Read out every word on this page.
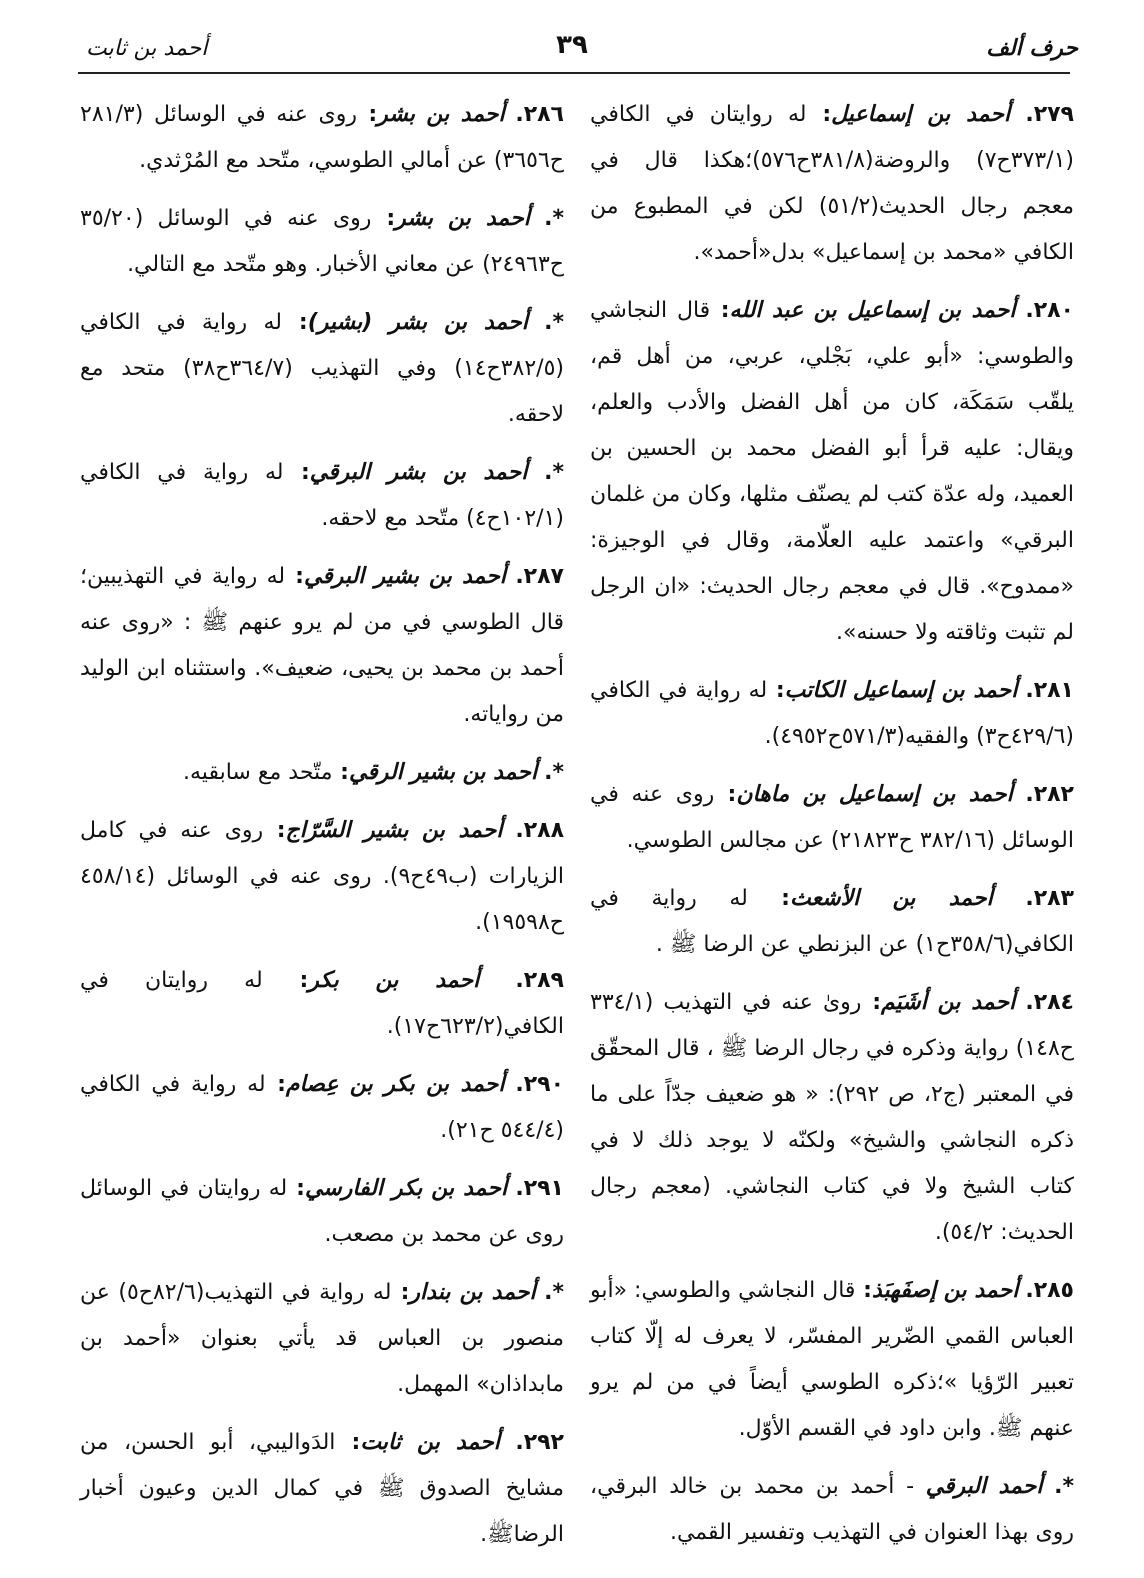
حرف ألف
٣٩
أحمد بن ثابت
٢٧٩. أحمد بن إسماعيل: له روايتان في الكافي (٣٧٣/١ح٧) والروضة(٣٨١/٨ح٥٧٦)؛هكذا قال في معجم رجال الحديث(٥١/٢) لكن في المطبوع من الكافي «محمد بن إسماعيل» بدل«أحمد».
٢٨٠. أحمد بن إسماعيل بن عبد الله: قال النجاشي والطوسي: «أبو علي، بَجْلي، عربي، من أهل قم، يلقّب سَمَكَة، كان من أهل الفضل والأدب والعلم، ويقال: عليه قرأ أبو الفضل محمد بن الحسين بن العميد، وله عدّة كتب لم يصنّف مثلها، وكان من غلمان البرقي» واعتمد عليه العلّامة، وقال في الوجيزة: «ممدوح». قال في معجم رجال الحديث: «ان الرجل لم تثبت وثاقته ولا حسنه».
٢٨١. أحمد بن إسماعيل الكاتب: له رواية في الكافي (٤٢٩/٦ح٣) والفقيه(٥٧١/٣ح٤٩٥٢).
٢٨٢. أحمد بن إسماعيل بن ماهان: روى عنه في الوسائل (٣٨٢/١٦ ح٢١٨٢٣) عن مجالس الطوسي.
٢٨٣. أحمد بن الأشعث: له رواية في الكافي(٣٥٨/٦ح١) عن البزنطي عن الرضا ﷺ .
٢٨٤. أحمد بن أشَيَم: روىٰ عنه في التهذيب (٣٣٤/١ ح١٤٨) رواية وذكره في رجال الرضا ﷺ ، قال المحقّق في المعتبر (ج٢، ص ٢٩٢): « هو ضعيف جدّاً على ما ذكره النجاشي والشيخ» ولكنّه لا يوجد ذلك لا في كتاب الشيخ ولا في كتاب النجاشي. (معجم رجال الحديث: ٥٤/٢).
٢٨٥. أحمد بن إصفَهبَذ: قال النجاشي والطوسي: «أبو العباس القمي الضّرير المفسّر، لا يعرف له إلّا كتاب تعبير الرّؤيا »؛ذكره الطوسي أيضاً في من لم يرو عنهم ﷺ. وابن داود في القسم الأوّل.
*. أحمد البرقي - أحمد بن محمد بن خالد البرقي، روى بهذا العنوان في التهذيب وتفسير القمي.
٢٨٦. أحمد بن بشر: روى عنه في الوسائل (٢٨١/٣ ح٣٦٥٦) عن أمالي الطوسي، متّحد مع المُرْثدي.
*. أحمد بن بشر: روى عنه في الوسائل (٣٥/٢٠ ح٢٤٩٦٣) عن معاني الأخبار. وهو متّحد مع التالي.
*. أحمد بن بشر (بشير): له رواية في الكافي (٣٨٢/٥ح١٤) وفي التهذيب (٣٦٤/٧ح٣٨) متحد مع لاحقه.
*. أحمد بن بشر البرقي: له رواية في الكافي (١٠٢/١ح٤) متّحد مع لاحقه.
٢٨٧. أحمد بن بشير البرقي: له رواية في التهذيبين؛ قال الطوسي في من لم يرو عنهم ﷺ : «روى عنه أحمد بن محمد بن يحيى، ضعيف». واستثناه ابن الوليد من رواياته.
*. أحمد بن بشير الرقي: متّحد مع سابقيه.
٢٨٨. أحمد بن بشير السَّرّاج: روى عنه في كامل الزيارات (ب٤٩ح٩). روى عنه في الوسائل (٤٥٨/١٤ ح١٩٥٩٨).
٢٨٩. أحمد بن بكر: له روايتان في الكافي(٦٢٣/٢ح١٧).
٢٩٠. أحمد بن بكر بن عِصام: له رواية في الكافي (٥٤٤/٤ ح٢١).
٢٩١. أحمد بن بكر الفارسي: له روايتان في الوسائل روى عن محمد بن مصعب.
*. أحمد بن بندار: له رواية في التهذيب(٨٢/٦ح٥) عن منصور بن العباس قد يأتي بعنوان «أحمد بن مابداذان» المهمل.
٢٩٢. أحمد بن ثابت: الدَواليبي، أبو الحسن، من مشايخ الصدوق ﷺ في كمال الدين وعيون أخبار الرضاﷺ.
